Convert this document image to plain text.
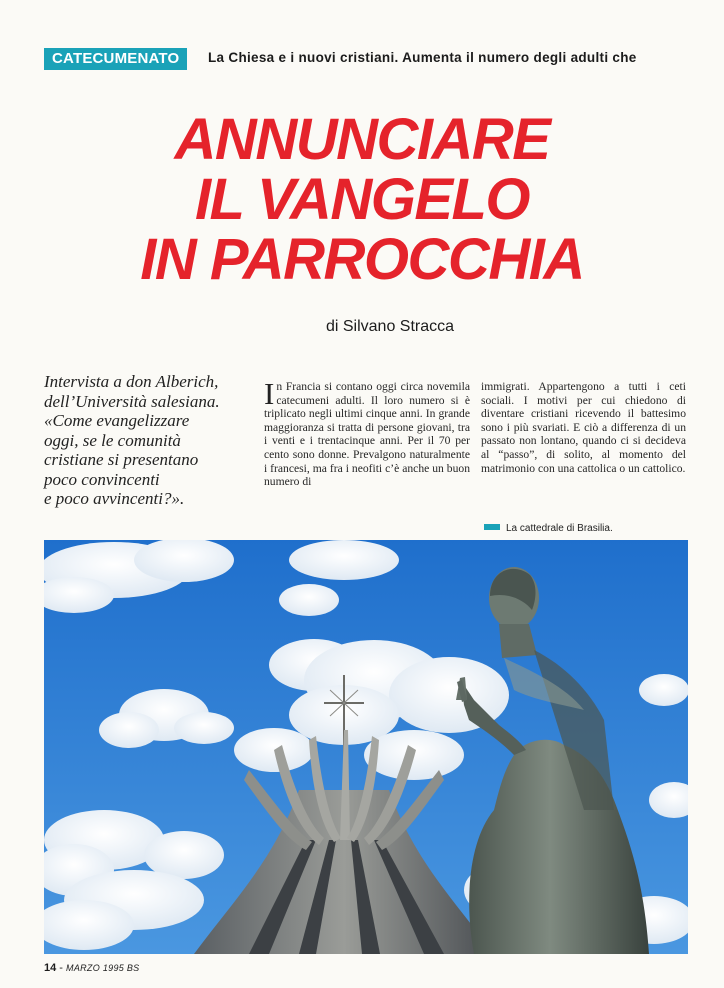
CATECUMENATO	La Chiesa e i nuovi cristiani. Aumenta il numero degli adulti che
ANNUNCIARE
IL VANGELO
IN PARROCCHIA
di Silvano Stracca
Intervista a don Alberich,
dell’Università salesiana.
«Come evangelizzare
oggi, se le comunità
cristiane si presentano
poco convincenti
e poco avvincenti?».
In Francia si contano oggi circa novemila catecumeni adulti. Il loro numero si è triplicato negli ultimi cinque anni. In grande maggioranza si tratta di persone giovani, tra i venti e i trentacinque anni. Per il 70 per cento sono donne. Prevalgono naturalmente i francesi, ma fra i neofiti c’è anche un buon numero di
immigrati. Appartengono a tutti i ceti sociali. I motivi per cui chiedono di diventare cristiani ricevendo il battesimo sono i più svariati. E ciò a differenza di un passato non lontano, quando ci si decideva al “passo”, di solito, al momento del matrimonio con una cattolica o un cattolico.
La cattedrale di Brasilia.
14 - MARZO 1995 BS
